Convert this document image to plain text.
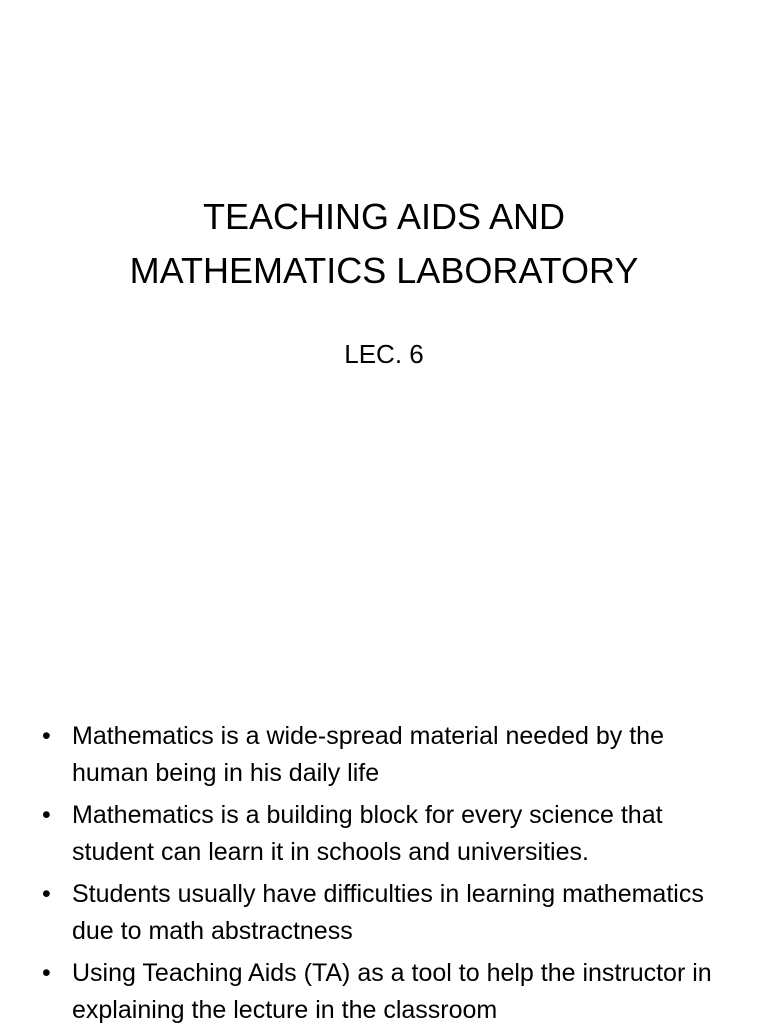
TEACHING AIDS AND
MATHEMATICS LABORATORY

LEC. 6

• Mathematics is a wide-spread material needed by the human being in his daily life
• Mathematics is a building block for every science that student can learn it in schools and universities.
• Students usually have difficulties in learning mathematics due to math abstractness
• Using Teaching Aids (TA) as a tool to help the instructor in explaining the lecture in the classroom
